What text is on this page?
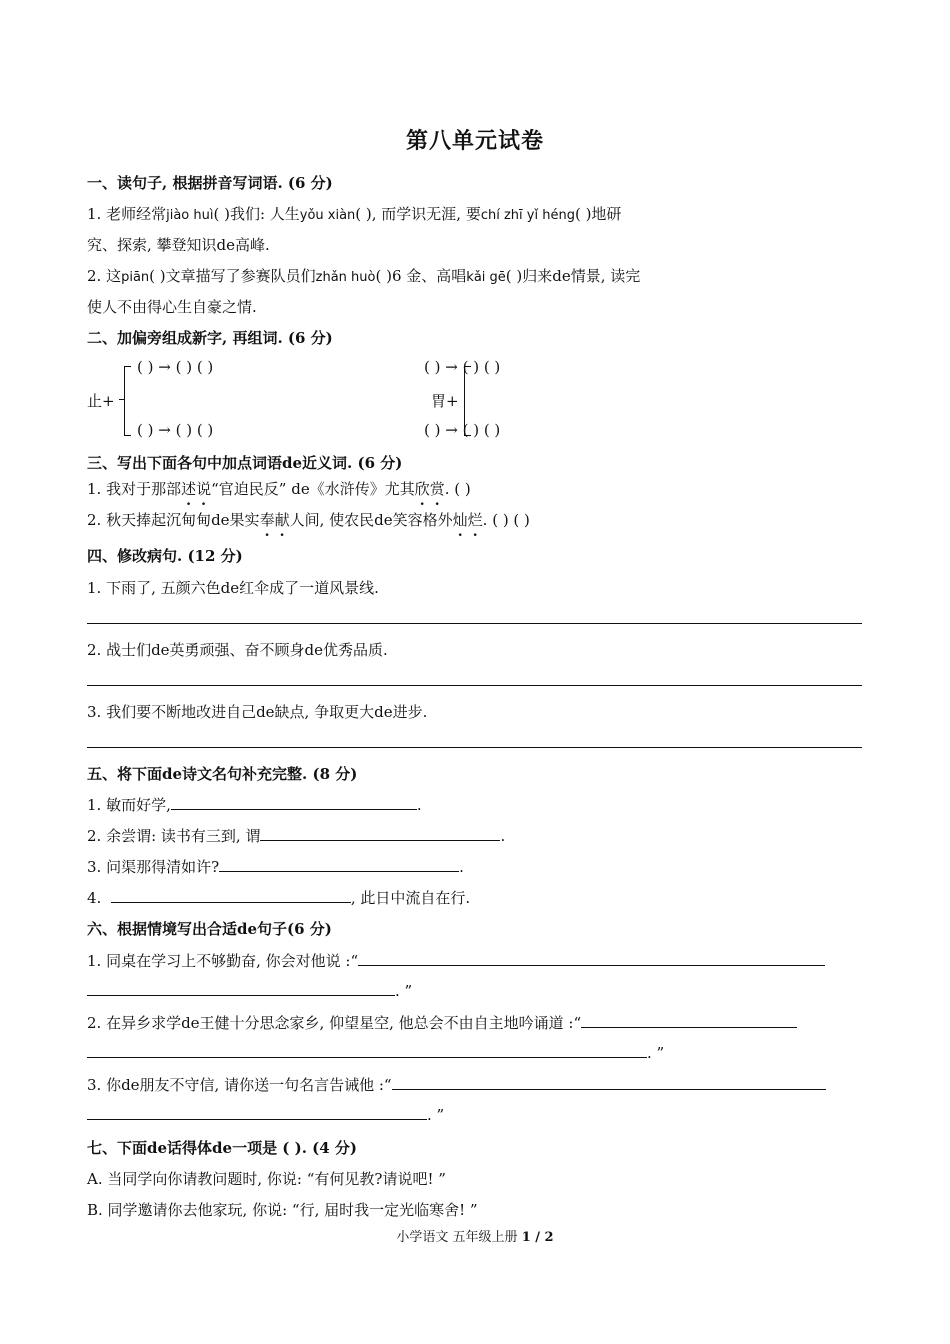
第八单元试卷
一、读句子, 根据拼音写词语. (6 分)
1. 老师经常jiào huì( )我们: 人生yǒu xiàn( ), 而学识无涯, 要chí zhī yǐ héng( )地研
究、探索, 攀登知识de高峰.
2. 这piān( )文章描写了参赛队员们zhǎn huò( )6 金、高唱kǎi gē( )归来de情景, 读完
使人不由得心生自豪之情.
二、加偏旁组成新字, 再组词. (6 分)
止+
( ) → ( ) ( )
( ) → ( ) ( )
胃+
( ) → ( ) ( )
( ) → ( ) ( )
三、写出下面各句中加点词语de近义词. (6 分)
1. 我对于那部述说“官迫民反” de《水浒传》尤其欣赏. ( )
2. 秋天捧起沉甸甸de果实奉献人间, 使农民de笑容格外灿烂. ( ) ( )
四、修改病句. (12 分)
1. 下雨了, 五颜六色de红伞成了一道风景线.
2. 战士们de英勇顽强、奋不顾身de优秀品质.
3. 我们要不断地改进自己de缺点, 争取更大de进步.
五、将下面de诗文名句补充完整. (8 分)
1. 敏而好学,	.
2. 余尝谓: 读书有三到, 谓	.
3. 问渠那得清如许?	.
4.	, 此日中流自在行.
六、根据情境写出合适de句子(6 分)
1. 同桌在学习上不够勤奋, 你会对他说 :“
. ”
2. 在异乡求学de王健十分思念家乡, 仰望星空, 他总会不由自主地吟诵道 :“
. ”
3. 你de朋友不守信, 请你送一句名言告诫他 :“
. ”
七、下面de话得体de一项是 ( ). (4 分)
A. 当同学向你请教问题时, 你说: “有何见教?请说吧! ”
B. 同学邀请你去他家玩, 你说: “行, 届时我一定光临寒舍! ”
小学语文 五年级上册 1 / 2
